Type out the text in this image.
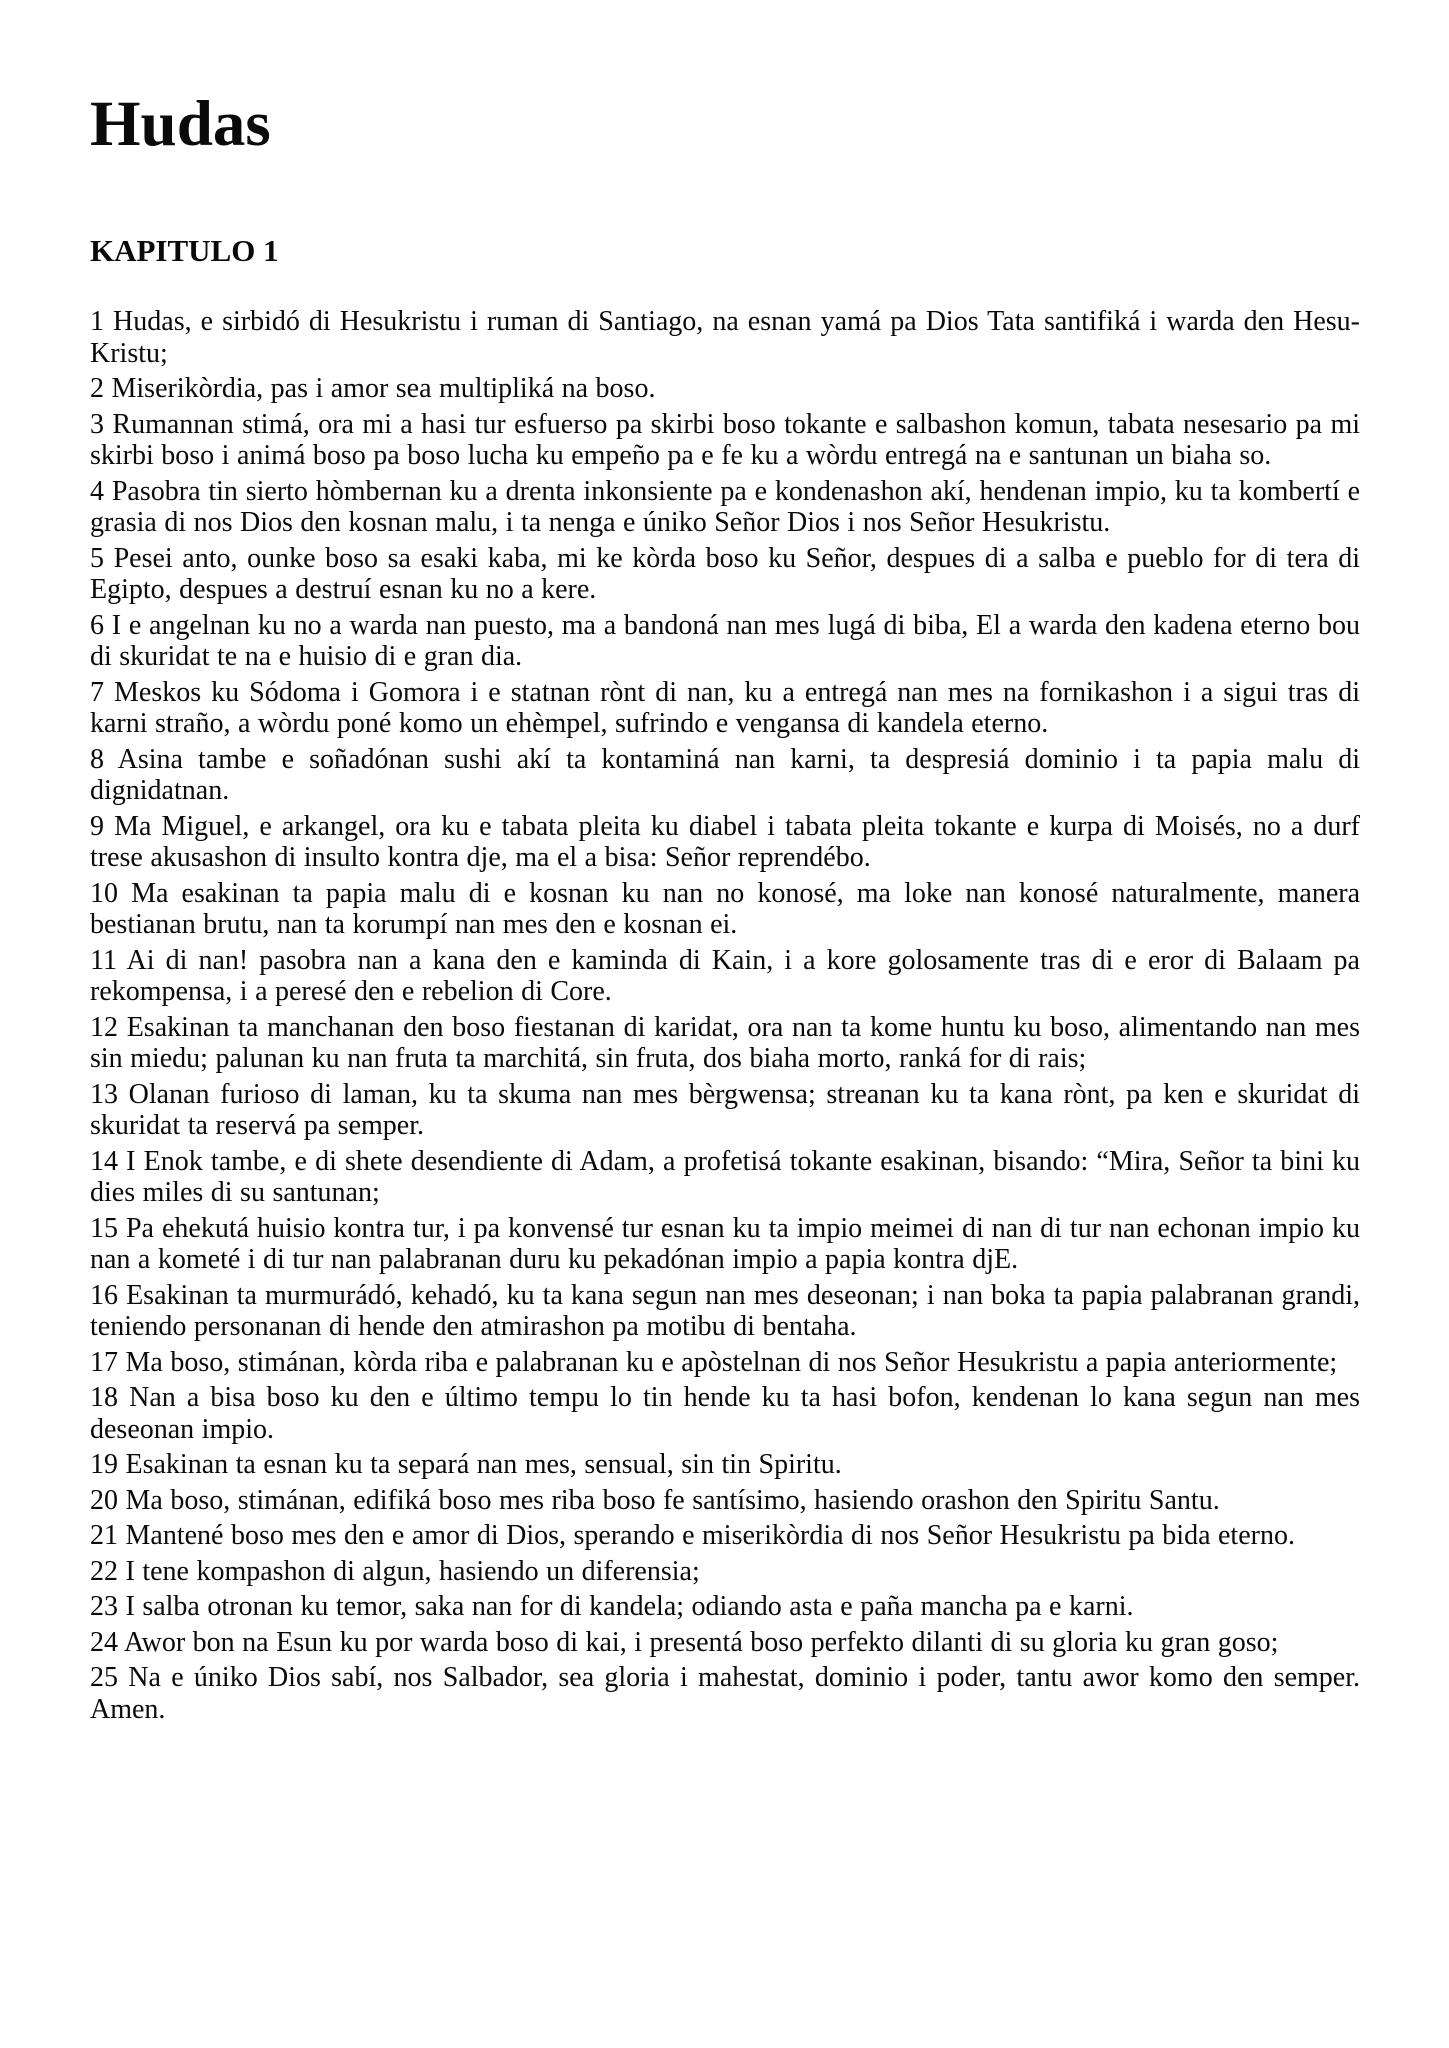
Hudas
KAPITULO 1

1 Hudas, e sirbidó di Hesukristu i ruman di Santiago, na esnan yamá pa Dios Tata santifiká i warda den Hesu-Kristu;

2 Miserikòrdia, pas i amor sea multipliká na boso.

3 Rumannan stimá, ora mi a hasi tur esfuerso pa skirbi boso tokante e salbashon komun, tabata nesesario pa mi skirbi boso i animá boso pa boso lucha ku empeño pa e fe ku a wòrdu entregá na e santunan un biaha so.

4 Pasobra tin sierto hòmbernan ku a drenta inkonsiente pa e kondenashon akí, hendenan impio, ku ta kombertí e grasia di nos Dios den kosnan malu, i ta nenga e úniko Señor Dios i nos Señor Hesukristu.

5 Pesei anto, ounke boso sa esaki kaba, mi ke kòrda boso ku Señor, despues di a salba e pueblo for di tera di Egipto, despues a destruí esnan ku no a kere.

6 I e angelnan ku no a warda nan puesto, ma a bandoná nan mes lugá di biba, El a warda den kadena eterno bou di skuridat te na e huisio di e gran dia.

7 Meskos ku Sódoma i Gomora i e statnan rònt di nan, ku a entregá nan mes na fornikashon i a sigui tras di karni straño, a wòrdu poné komo un ehèmpel, sufrindo e vengansa di kandela eterno.

8 Asina tambe e soñadónan sushi akí ta kontaminá nan karni, ta despresiá dominio i ta papia malu di dignidatnan.

9 Ma Miguel, e arkangel, ora ku e tabata pleita ku diabel i tabata pleita tokante e kurpa di Moisés, no a durf trese akusashon di insulto kontra dje, ma el a bisa: Señor reprendébo.

10 Ma esakinan ta papia malu di e kosnan ku nan no konosé, ma loke nan konosé naturalmente, manera bestianan brutu, nan ta korumpí nan mes den e kosnan ei.

11 Ai di nan! pasobra nan a kana den e kaminda di Kain, i a kore golosamente tras di e eror di Balaam pa rekompensa, i a peresé den e rebelion di Core.

12 Esakinan ta manchanan den boso fiestanan di karidat, ora nan ta kome huntu ku boso, alimentando nan mes sin miedu; palunan ku nan fruta ta marchitá, sin fruta, dos biaha morto, ranká for di rais;

13 Olanan furioso di laman, ku ta skuma nan mes bèrgwensa; streanan ku ta kana rònt, pa ken e skuridat di skuridat ta reservá pa semper.

14 I Enok tambe, e di shete desendiente di Adam, a profetisá tokante esakinan, bisando: “Mira, Señor ta bini ku dies miles di su santunan;

15 Pa ehekutá huisio kontra tur, i pa konvensé tur esnan ku ta impio meimei di nan di tur nan echonan impio ku nan a kometé i di tur nan palabranan duru ku pekadónan impio a papia kontra djE.

16 Esakinan ta murmurádó, kehadó, ku ta kana segun nan mes deseonan; i nan boka ta papia palabranan grandi, teniendo personanan di hende den atmirashon pa motibu di bentaha.

17 Ma boso, stimánan, kòrda riba e palabranan ku e apòstelnan di nos Señor Hesukristu a papia anteriormente;

18 Nan a bisa boso ku den e último tempu lo tin hende ku ta hasi bofon, kendenan lo kana segun nan mes deseonan impio.

19 Esakinan ta esnan ku ta separá nan mes, sensual, sin tin Spiritu.

20 Ma boso, stimánan, edifiká boso mes riba boso fe santísimo, hasiendo orashon den Spiritu Santu.

21 Mantené boso mes den e amor di Dios, sperando e miserikòrdia di nos Señor Hesukristu pa bida eterno.

22 I tene kompashon di algun, hasiendo un diferensia;

23 I salba otronan ku temor, saka nan for di kandela; odiando asta e paña mancha pa e karni.

24 Awor bon na Esun ku por warda boso di kai, i presentá boso perfekto dilanti di su gloria ku gran goso;

25 Na e úniko Dios sabí, nos Salbador, sea gloria i mahestat, dominio i poder, tantu awor komo den semper. Amen.
